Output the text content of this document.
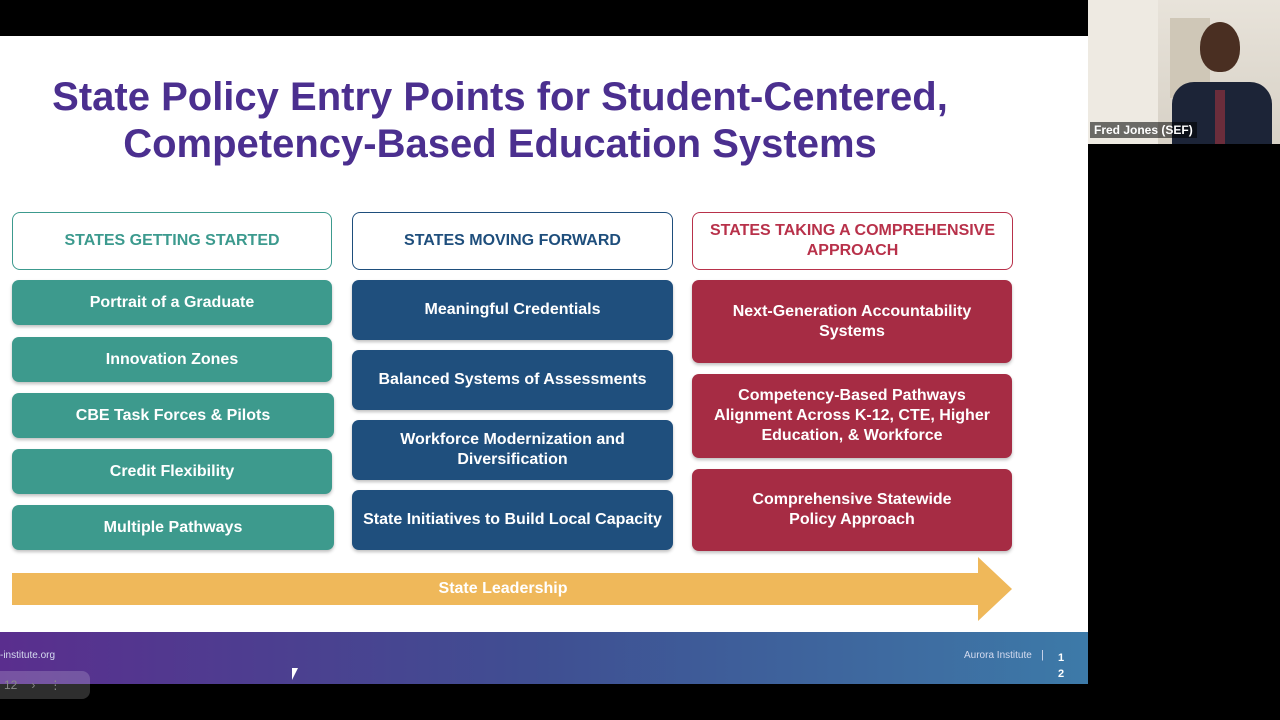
State Policy Entry Points for Student-Centered,
Competency-Based Education Systems
STATES GETTING STARTED	STATES MOVING FORWARD
STATES TAKING A COMPREHENSIVE APPROACH
Portrait of a Graduate
Innovation Zones
CBE Task Forces & Pilots
Credit Flexibility
Multiple Pathways
Meaningful Credentials
Balanced Systems of Assessments
Workforce Modernization and Diversification
State Initiatives to Build Local Capacity
Next-Generation Accountability Systems
Competency-Based Pathways Alignment Across K-12, CTE, Higher Education, & Workforce
Comprehensive Statewide Policy Approach
State Leadership
-institute.org	Aurora Institute | 1
2
12 › ⋮
Fred Jones (SEF)
